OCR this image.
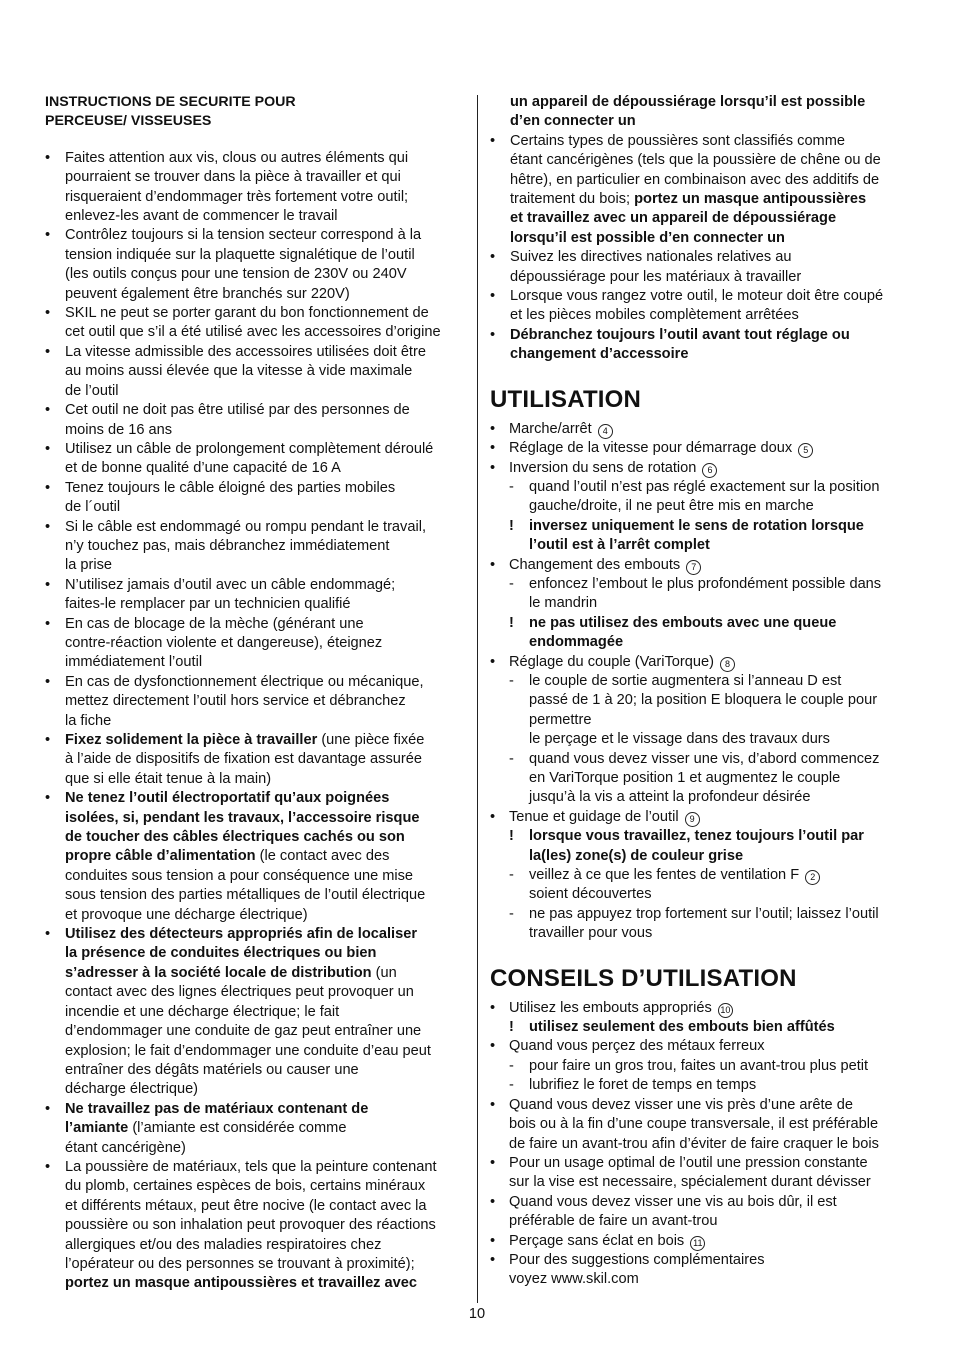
INSTRUCTIONS DE SECURITE POUR
PERCEUSE/ VISSEUSES
• Faites attention aux vis, clous ou autres éléments qui
pourraient se trouver dans la pièce à travailler et qui
risqueraient d’endommager très fortement votre outil;
enlevez-les avant de commencer le travail
• Contrôlez toujours si la tension secteur correspond à la
tension indiquée sur la plaquette signalétique de l’outil
(les outils conçus pour une tension de 230V ou 240V
peuvent également être branchés sur 220V)
• SKIL ne peut se porter garant du bon fonctionnement de
cet outil que s’il a été utilisé avec les accessoires d’origine
• La vitesse admissible des accessoires utilisées doit être
au moins aussi élevée que la vitesse à vide maximale
de l’outil
• Cet outil ne doit pas être utilisé par des personnes de
moins de 16 ans
• Utilisez un câble de prolongement complètement déroulé
et de bonne qualité d’une capacité de 16 A
• Tenez toujours le câble éloigné des parties mobiles
de l´outil
• Si le câble est endommagé ou rompu pendant le travail,
n’y touchez pas, mais débranchez immédiatement
la prise
• N’utilisez jamais d’outil avec un câble endommagé;
faites-le remplacer par un technicien qualifié
• En cas de blocage de la mèche (générant une
contre-réaction violente et dangereuse), éteignez
immédiatement l’outil
• En cas de dysfonctionnement électrique ou mécanique,
mettez directement l’outil hors service et débranchez
la fiche
• Fixez solidement la pièce à travailler (une pièce fixée
à l’aide de dispositifs de fixation est davantage assurée
que si elle était tenue à la main)
• Ne tenez l’outil électroportatif qu’aux poignées
isolées, si, pendant les travaux, l’accessoire risque
de toucher des câbles électriques cachés ou son
propre câble d’alimentation (le contact avec des
conduites sous tension a pour conséquence une mise
sous tension des parties métalliques de l’outil électrique
et provoque une décharge électrique)
• Utilisez des détecteurs appropriés afin de localiser
la présence de conduites électriques ou bien
s’adresser à la société locale de distribution (un
contact avec des lignes électriques peut provoquer un
incendie et une décharge électrique; le fait
d’endommager une conduite de gaz peut entraîner une
explosion; le fait d’endommager une conduite d’eau peut
entraîner des dégâts matériels ou causer une
décharge électrique)
• Ne travaillez pas de matériaux contenant de
l’amiante (l’amiante est considérée comme
étant cancérigène)
• La poussière de matériaux, tels que la peinture contenant
du plomb, certaines espèces de bois, certains minéraux
et différents métaux, peut être nocive (le contact avec la
poussière ou son inhalation peut provoquer des réactions
allergiques et/ou des maladies respiratoires chez
l’opérateur ou des personnes se trouvant à proximité);
portez un masque antipoussières et travaillez avec
un appareil de dépoussiérage lorsqu’il est possible
d’en connecter un
• Certains types de poussières sont classifiés comme
étant cancérigènes (tels que la poussière de chêne ou de
hêtre), en particulier en combinaison avec des additifs de
traitement du bois; portez un masque antipoussières
et travaillez avec un appareil de dépoussiérage
lorsqu’il est possible d’en connecter un
• Suivez les directives nationales relatives au
dépoussiérage pour les matériaux à travailler
• Lorsque vous rangez votre outil, le moteur doit être coupé
et les pièces mobiles complètement arrêtées
• Débranchez toujours l’outil avant tout réglage ou
changement d’accessoire
UTILISATION
• Marche/arrêt 4
• Réglage de la vitesse pour démarrage doux 5
• Inversion du sens de rotation 6
- quand l’outil n’est pas réglé exactement sur la position
gauche/droite, il ne peut être mis en marche
! inversez uniquement le sens de rotation lorsque
l’outil est à l’arrêt complet
• Changement des embouts 7
- enfoncez l’embout le plus profondément possible dans
le mandrin
! ne pas utilisez des embouts avec une queue
endommagée
• Réglage du couple (VariTorque) 8
- le couple de sortie augmentera si l’anneau D est
passé de 1 à 20; la position E bloquera le couple pour
permettre
le perçage et le vissage dans des travaux durs
- quand vous devez visser une vis, d’abord commencez
en VariTorque position 1 et augmentez le couple
jusqu’à la vis a atteint la profondeur désirée
• Tenue et guidage de l’outil 9
! lorsque vous travaillez, tenez toujours l’outil par
la(les) zone(s) de couleur grise
- veillez à ce que les fentes de ventilation F 2
soient découvertes
- ne pas appuyez trop fortement sur l’outil; laissez l’outil
travailler pour vous
CONSEILS D’UTILISATION
• Utilisez les embouts appropriés 10
! utilisez seulement des embouts bien affûtés
• Quand vous perçez des métaux ferreux
- pour faire un gros trou, faites un avant-trou plus petit
- lubrifiez le foret de temps en temps
• Quand vous devez visser une vis près d’une arête de
bois ou à la fin d’une coupe transversale, il est préférable
de faire un avant-trou afin d’éviter de faire craquer le bois
• Pour un usage optimal de l’outil une pression constante
sur la vise est necessaire, spécialement durant dévisser
• Quand vous devez visser une vis au bois dûr, il est
préférable de faire un avant-trou
• Perçage sans éclat en bois 11
• Pour des suggestions complémentaires
voyez www.skil.com
10
